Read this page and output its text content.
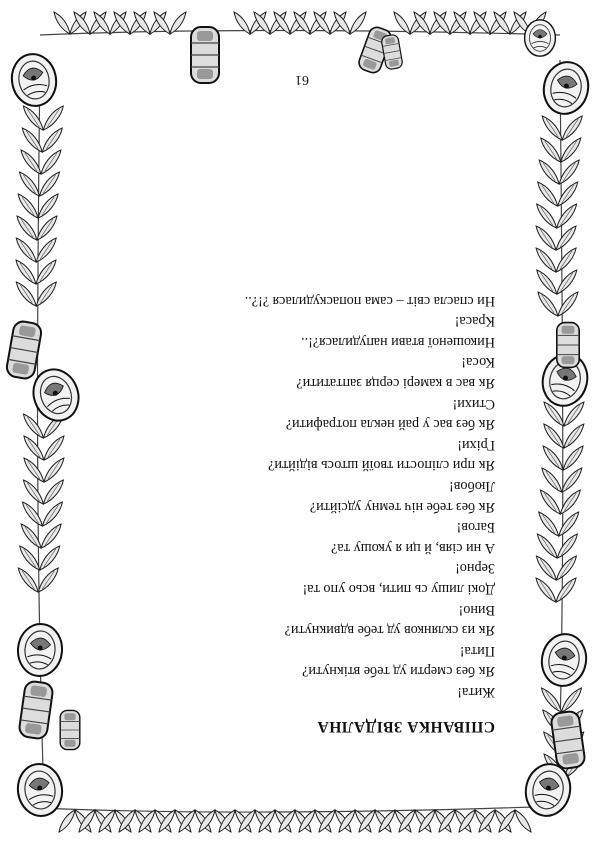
СПІВАНКА ЗВІДАЛНА
Жита!
Як без смерти уд тебе втікнути?
Пита!
Як из склянков уд тебе вдвикнути?
Вино!
Докі лишу сь пити, всьо упо та!
Зерно!
А ни сіяв, й ци я укошу та?
Багов!
Як без тебе ніч темну удсійти?
Любов!
Як при сліпости твоїй штось відійти?
Гріхи!
Як без вас у рай некла потрафити?
Стихи!
Як вас в камері серця заптатити?
Коса!
Никошеної втави напудилася?!..
Краса!
Ни спасла світ – сама попаскудилася ?!?..
61
